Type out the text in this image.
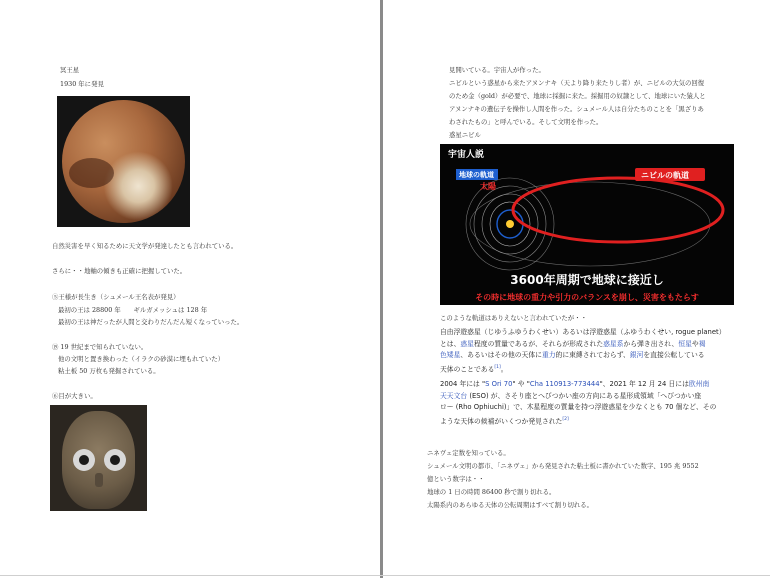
冥王星
1930 年に発見
自然災害を早く知るために天文学が発達したとも言われている。
さらに・・地軸の傾きも正確に把握していた。
⑤王様が長生き（シュメール王名表が発見）
最初の王は 28800 年　　ギルガメッシュは 128 年
最初の王は神だったが人間と交わりだんだん短くなっていった。
⑲ 19 世紀まで知られていない。
他の文明と置き換わった（イラクの砂漠に埋もれていた）
粘土板 50 万枚も発掘されている。
⑥目が大きい。
見開いている。宇宙人が作った。
ニビルという惑星から来たアヌンナキ（天より降り来たりし者）が、ニビルの大気の回復
のため金（gold）が必要で、地球に採掘に来た。採掘用の奴隷として、地球にいた猿人と
アヌンナキの遺伝子を操作し人間を作った。シュメール人は自分たちのことを「黒ざりあ
わされたもの」と呼んでいる。そして文明を作った。
惑星ニビル
このような軌道はありえないと言われていたが・・
自由浮遊惑星（じゆうふゆうわくせい）あるいは浮遊惑星（ふゆうわくせい, rogue planet）
とは、惑星程度の質量であるが、それらが形成された惑星系から弾き出され、恒星や褐
色矮星、あるいはその他の天体に重力的に束縛されておらず、銀河を直接公転している
天体のことである[1]。
2004 年には "S Ori 70" や "Cha 110913-773444"、2021 年 12 月 24 日には欧州南
天天文台 (ESO) が、さそり座とへびつかい座の方向にある星形成領域「へびつかい座
ロー (Rho Ophiuchi)」で、木星程度の質量を持つ浮遊惑星を少なくとも 70 個など、その
ような天体の候補がいくつか発見された[2]
ニネヴェ定数を知っている。
シュメール文明の都市、「ニネヴェ」から発見された粘土板に書かれていた数字、195 兆 9552
億という数字は・・
地球の 1 日の時間 86400 秒で割り切れる。
太陽系内のあらゆる天体の公転周期はすべて割り切れる。
宇宙人説
地球の軌道
太陽
ニビルの軌道
3600年周期で地球に接近し
その時に地球の重力や引力のバランスを崩し、災害をもたらす
